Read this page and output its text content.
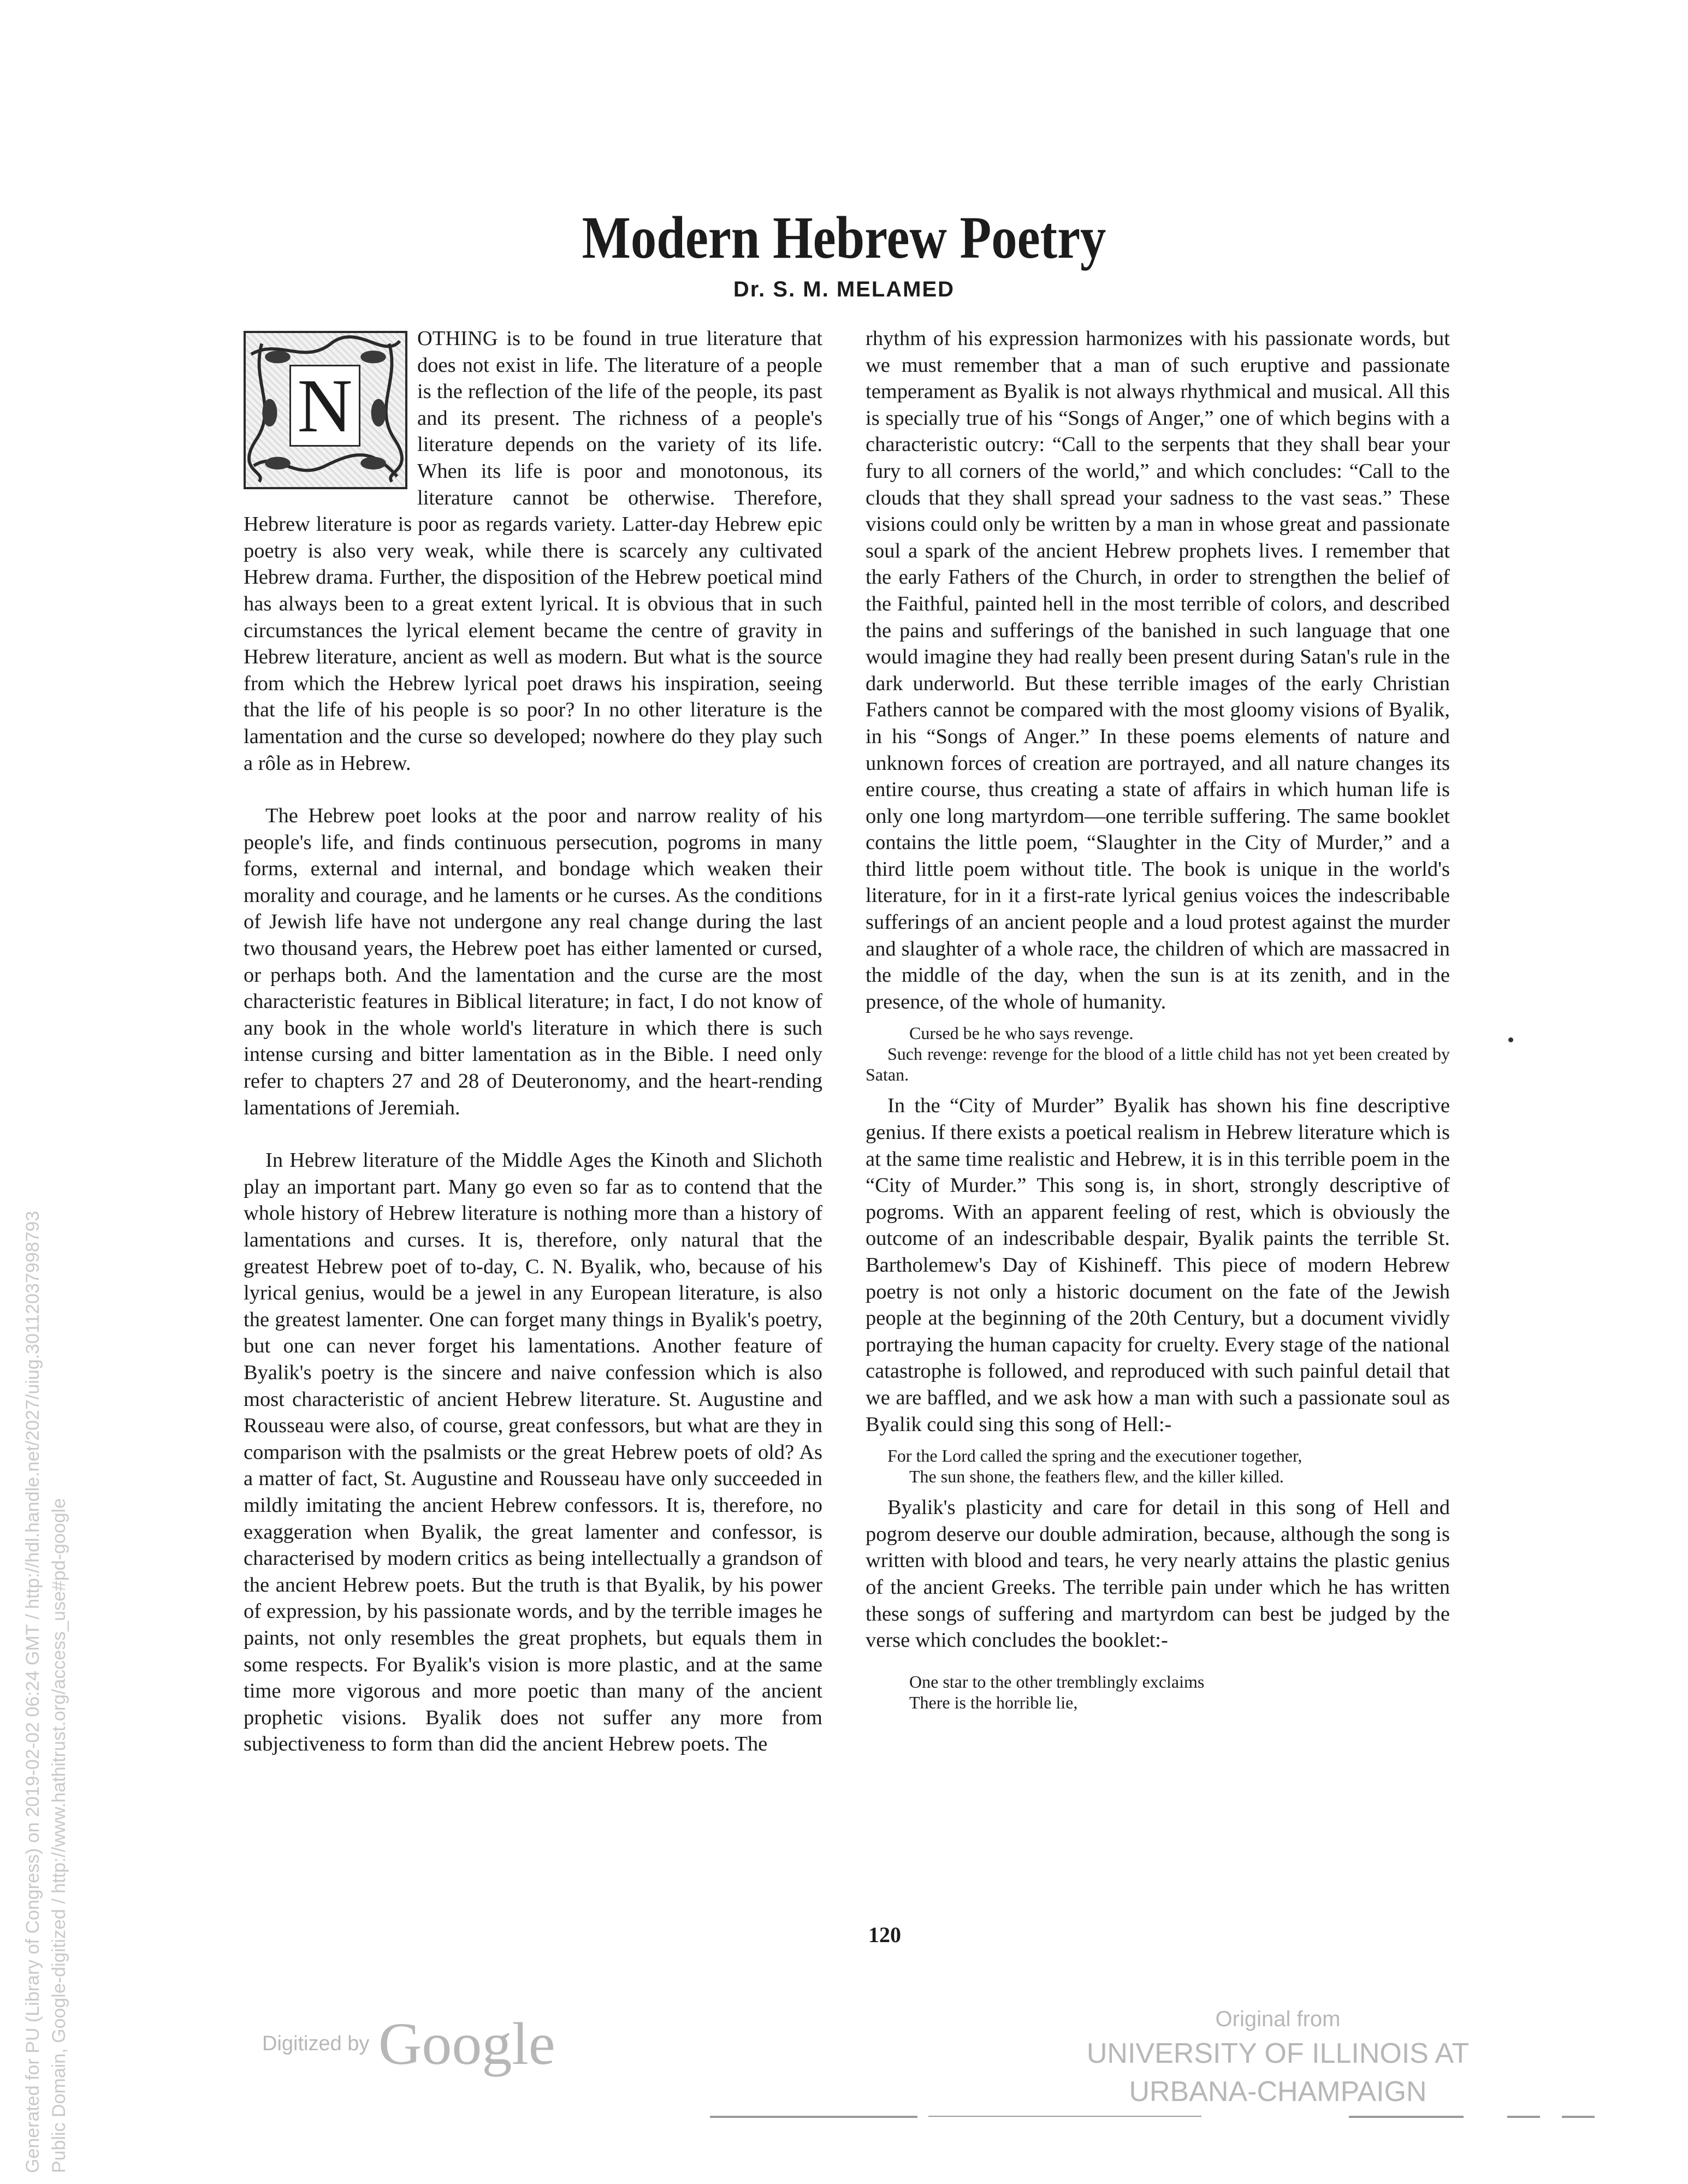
Generated for PU (Library of Congress) on 2019-02-02 06:24 GMT / http://hdl.handle.net/2027/uiug.30112037998793 Public Domain, Google-digitized / http://www.hathitrust.org/access_use#pd-google
Modern Hebrew Poetry
Dr. S. M. MELAMED

N
OTHING is to be found in true literature that does not exist in life. The literature of a people is the reflection of the life of the people, its past and its present. The richness of a people's literature depends on the variety of its life. When its life is poor and monotonous, its literature cannot be otherwise. Therefore, Hebrew literature is poor as regards variety. Latter-day Hebrew epic poetry is also very weak, while there is scarcely any cultivated Hebrew drama. Further, the disposition of the Hebrew poetical mind has always been to a great extent lyrical. It is obvious that in such circumstances the lyrical element became the centre of gravity in Hebrew literature, ancient as well as modern. But what is the source from which the Hebrew lyrical poet draws his inspiration, seeing that the life of his people is so poor? In no other literature is the lamentation and the curse so developed; nowhere do they play such a rôle as in Hebrew.

The Hebrew poet looks at the poor and narrow reality of his people's life, and finds continuous persecution, pogroms in many forms, external and internal, and bondage which weaken their morality and courage, and he laments or he curses. As the conditions of Jewish life have not undergone any real change during the last two thousand years, the Hebrew poet has either lamented or cursed, or perhaps both. And the lamentation and the curse are the most characteristic features in Biblical literature; in fact, I do not know of any book in the whole world's literature in which there is such intense cursing and bitter lamentation as in the Bible. I need only refer to chapters 27 and 28 of Deuteronomy, and the heart-rending lamentations of Jeremiah.

In Hebrew literature of the Middle Ages the Kinoth and Slichoth play an important part. Many go even so far as to contend that the whole history of Hebrew literature is nothing more than a history of lamentations and curses. It is, therefore, only natural that the greatest Hebrew poet of to-day, C. N. Byalik, who, because of his lyrical genius, would be a jewel in any European literature, is also the greatest lamenter. One can forget many things in Byalik's poetry, but one can never forget his lamentations. Another feature of Byalik's poetry is the sincere and naive confession which is also most characteristic of ancient Hebrew literature. St. Augustine and Rousseau were also, of course, great confessors, but what are they in comparison with the psalmists or the great Hebrew poets of old? As a matter of fact, St. Augustine and Rousseau have only succeeded in mildly imitating the ancient Hebrew confessors. It is, therefore, no exaggeration when Byalik, the great lamenter and confessor, is characterised by modern critics as being intellectually a grandson of the ancient Hebrew poets. But the truth is that Byalik, by his power of expression, by his passionate words, and by the terrible images he paints, not only resembles the great prophets, but equals them in some respects. For Byalik's vision is more plastic, and at the same time more vigorous and more poetic than many of the ancient prophetic visions. Byalik does not suffer any more from subjectiveness to form than did the ancient Hebrew poets. The

rhythm of his expression harmonizes with his passionate words, but we must remember that a man of such eruptive and passionate temperament as Byalik is not always rhythmical and musical. All this is specially true of his “Songs of Anger,” one of which begins with a characteristic outcry: “Call to the serpents that they shall bear your fury to all corners of the world,” and which concludes: “Call to the clouds that they shall spread your sadness to the vast seas.” These visions could only be written by a man in whose great and passionate soul a spark of the ancient Hebrew prophets lives. I remember that the early Fathers of the Church, in order to strengthen the belief of the Faithful, painted hell in the most terrible of colors, and described the pains and sufferings of the banished in such language that one would imagine they had really been present during Satan's rule in the dark underworld. But these terrible images of the early Christian Fathers cannot be compared with the most gloomy visions of Byalik, in his “Songs of Anger.” In these poems elements of nature and unknown forces of creation are portrayed, and all nature changes its entire course, thus creating a state of affairs in which human life is only one long martyrdom—one terrible suffering. The same booklet contains the little poem, “Slaughter in the City of Murder,” and a third little poem without title. The book is unique in the world's literature, for in it a first-rate lyrical genius voices the indescribable sufferings of an ancient people and a loud protest against the murder and slaughter of a whole race, the children of which are massacred in the middle of the day, when the sun is at its zenith, and in the presence, of the whole of humanity.

Cursed be he who says revenge.

Such revenge: revenge for the blood of a little child has not yet been created by Satan.

In the “City of Murder” Byalik has shown his fine descriptive genius. If there exists a poetical realism in Hebrew literature which is at the same time realistic and Hebrew, it is in this terrible poem in the “City of Murder.” This song is, in short, strongly descriptive of pogroms. With an apparent feeling of rest, which is obviously the outcome of an indescribable despair, Byalik paints the terrible St. Bartholemew's Day of Kishineff. This piece of modern Hebrew poetry is not only a historic document on the fate of the Jewish people at the beginning of the 20th Century, but a document vividly portraying the human capacity for cruelty. Every stage of the national catastrophe is followed, and reproduced with such painful detail that we are baffled, and we ask how a man with such a passionate soul as Byalik could sing this song of Hell:-

For the Lord called the spring and the executioner together,

The sun shone, the feathers flew, and the killer killed.

Byalik's plasticity and care for detail in this song of Hell and pogrom deserve our double admiration, because, although the song is written with blood and tears, he very nearly attains the plastic genius of the ancient Greeks. The terrible pain under which he has written these songs of suffering and martyrdom can best be judged by the verse which concludes the booklet:-

One star to the other tremblingly exclaims

There is the horrible lie,

120
Digitized by Google	Original from
UNIVERSITY OF ILLINOIS AT
URBANA-CHAMPAIGN
